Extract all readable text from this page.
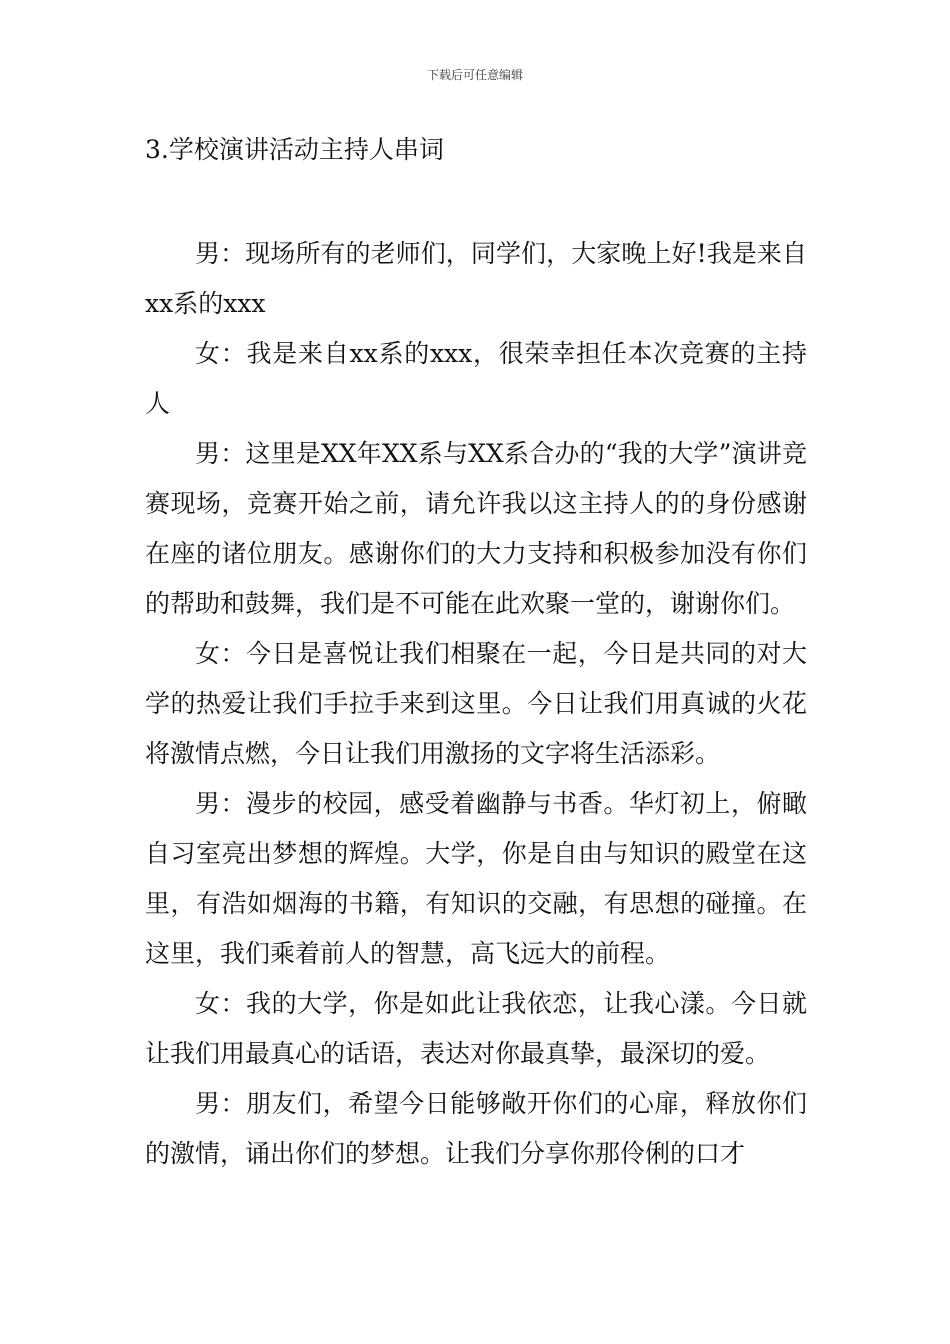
下载后可任意编辑
3.学校演讲活动主持人串词

男：现场所有的老师们，同学们，大家晚上好!我是来自xx系的xxx

女：我是来自xx系的xxx，很荣幸担任本次竞赛的主持人

男：这里是XX年XX系与XX系合办的“我的大学”演讲竞赛现场，竞赛开始之前，请允许我以这主持人的的身份感谢在座的诸位朋友。感谢你们的大力支持和积极参加没有你们的帮助和鼓舞，我们是不可能在此欢聚一堂的，谢谢你们。

女：今日是喜悦让我们相聚在一起，今日是共同的对大学的热爱让我们手拉手来到这里。今日让我们用真诚的火花将激情点燃，今日让我们用激扬的文字将生活添彩。

男：漫步的校园，感受着幽静与书香。华灯初上，俯瞰自习室亮出梦想的辉煌。大学，你是自由与知识的殿堂在这里，有浩如烟海的书籍，有知识的交融，有思想的碰撞。在这里，我们乘着前人的智慧，高飞远大的前程。

女：我的大学，你是如此让我依恋，让我心漾。今日就让我们用最真心的话语，表达对你最真挚，最深切的爱。

男：朋友们，希望今日能够敞开你们的心扉，释放你们的激情，诵出你们的梦想。让我们分享你那伶俐的口才
